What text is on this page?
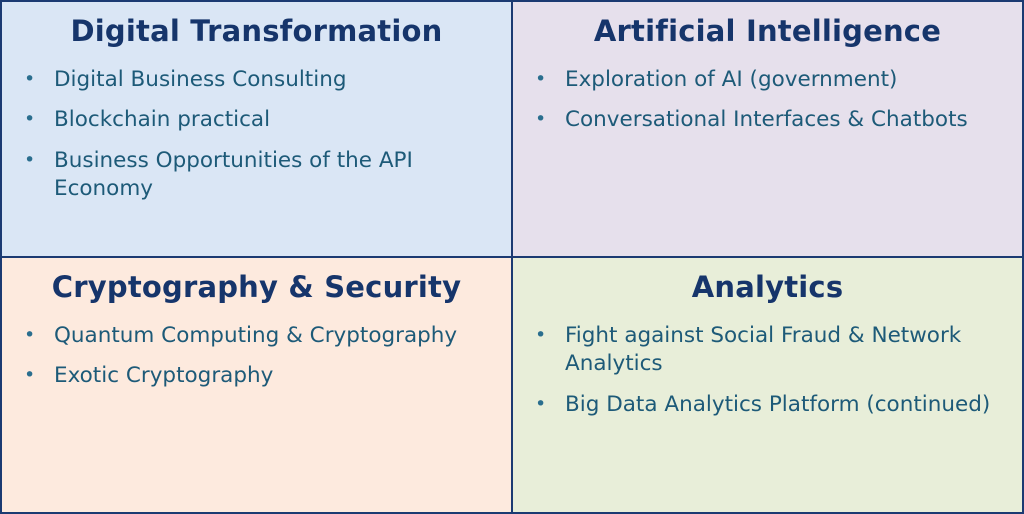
Digital Transformation
• Digital Business Consulting
• Blockchain practical
• Business Opportunities of the API Economy
Artificial Intelligence
• Exploration of AI (government)
• Conversational Interfaces & Chatbots
Cryptography & Security
• Quantum Computing & Cryptography
• Exotic Cryptography
Analytics
• Fight against Social Fraud & Network Analytics
• Big Data Analytics Platform (continued)
